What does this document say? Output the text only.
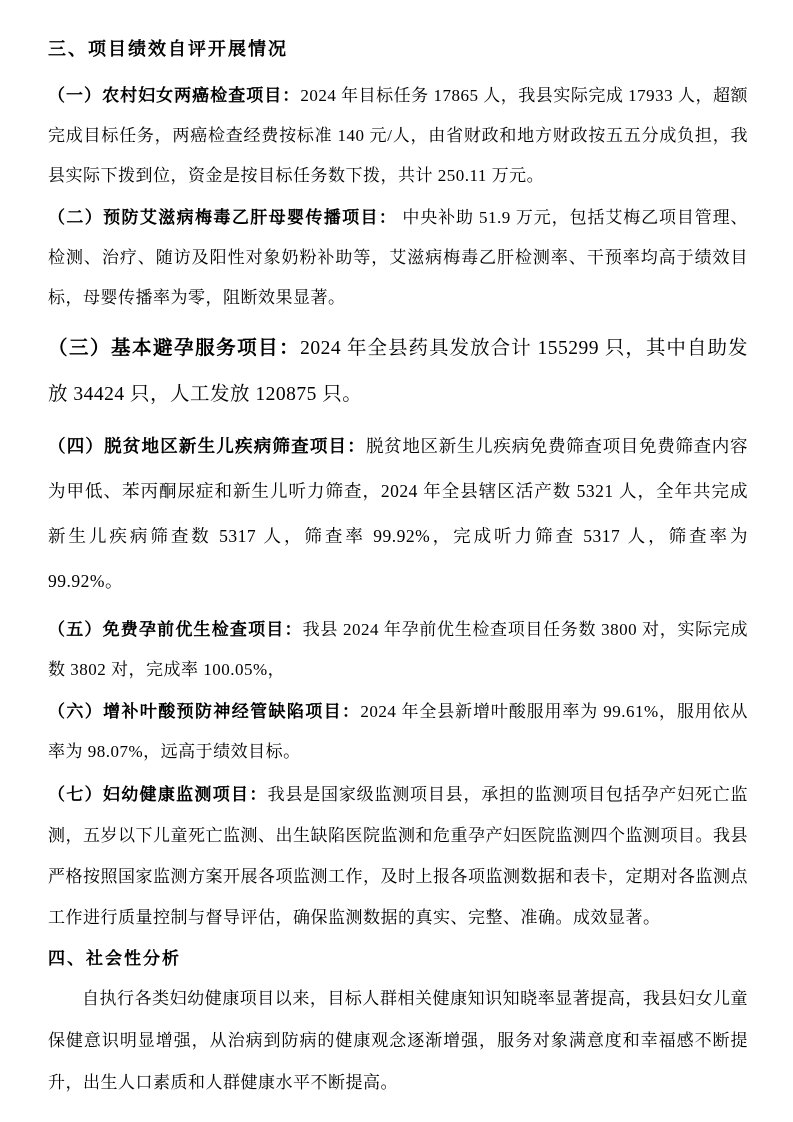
三、项目绩效自评开展情况

（一）农村妇女两癌检查项目：2024 年目标任务 17865 人，我县实际完成 17933 人，超额完成目标任务，两癌检查经费按标准 140 元/人，由省财政和地方财政按五五分成负担，我县实际下拨到位，资金是按目标任务数下拨，共计 250.11 万元。

（二）预防艾滋病梅毒乙肝母婴传播项目： 中央补助 51.9 万元，包括艾梅乙项目管理、检测、治疗、随访及阳性对象奶粉补助等，艾滋病梅毒乙肝检测率、干预率均高于绩效目标，母婴传播率为零，阻断效果显著。

（三）基本避孕服务项目：2024 年全县药具发放合计 155299 只，其中自助发放 34424 只，人工发放 120875 只。

（四）脱贫地区新生儿疾病筛查项目：脱贫地区新生儿疾病免费筛查项目免费筛查内容为甲低、苯丙酮尿症和新生儿听力筛查，2024 年全县辖区活产数 5321 人，全年共完成新生儿疾病筛查数 5317 人，筛查率 99.92%，完成听力筛查 5317 人，筛查率为 99.92%。

（五）免费孕前优生检查项目：我县 2024 年孕前优生检查项目任务数 3800 对，实际完成数 3802 对，完成率 100.05%，

（六）增补叶酸预防神经管缺陷项目：2024 年全县新增叶酸服用率为 99.61%，服用依从率为 98.07%，远高于绩效目标。

（七）妇幼健康监测项目：我县是国家级监测项目县，承担的监测项目包括孕产妇死亡监测，五岁以下儿童死亡监测、出生缺陷医院监测和危重孕产妇医院监测四个监测项目。我县严格按照国家监测方案开展各项监测工作，及时上报各项监测数据和表卡，定期对各监测点工作进行质量控制与督导评估，确保监测数据的真实、完整、准确。成效显著。

四、社会性分析

自执行各类妇幼健康项目以来，目标人群相关健康知识知晓率显著提高，我县妇女儿童保健意识明显增强，从治病到防病的健康观念逐渐增强，服务对象满意度和幸福感不断提升，出生人口素质和人群健康水平不断提高。
